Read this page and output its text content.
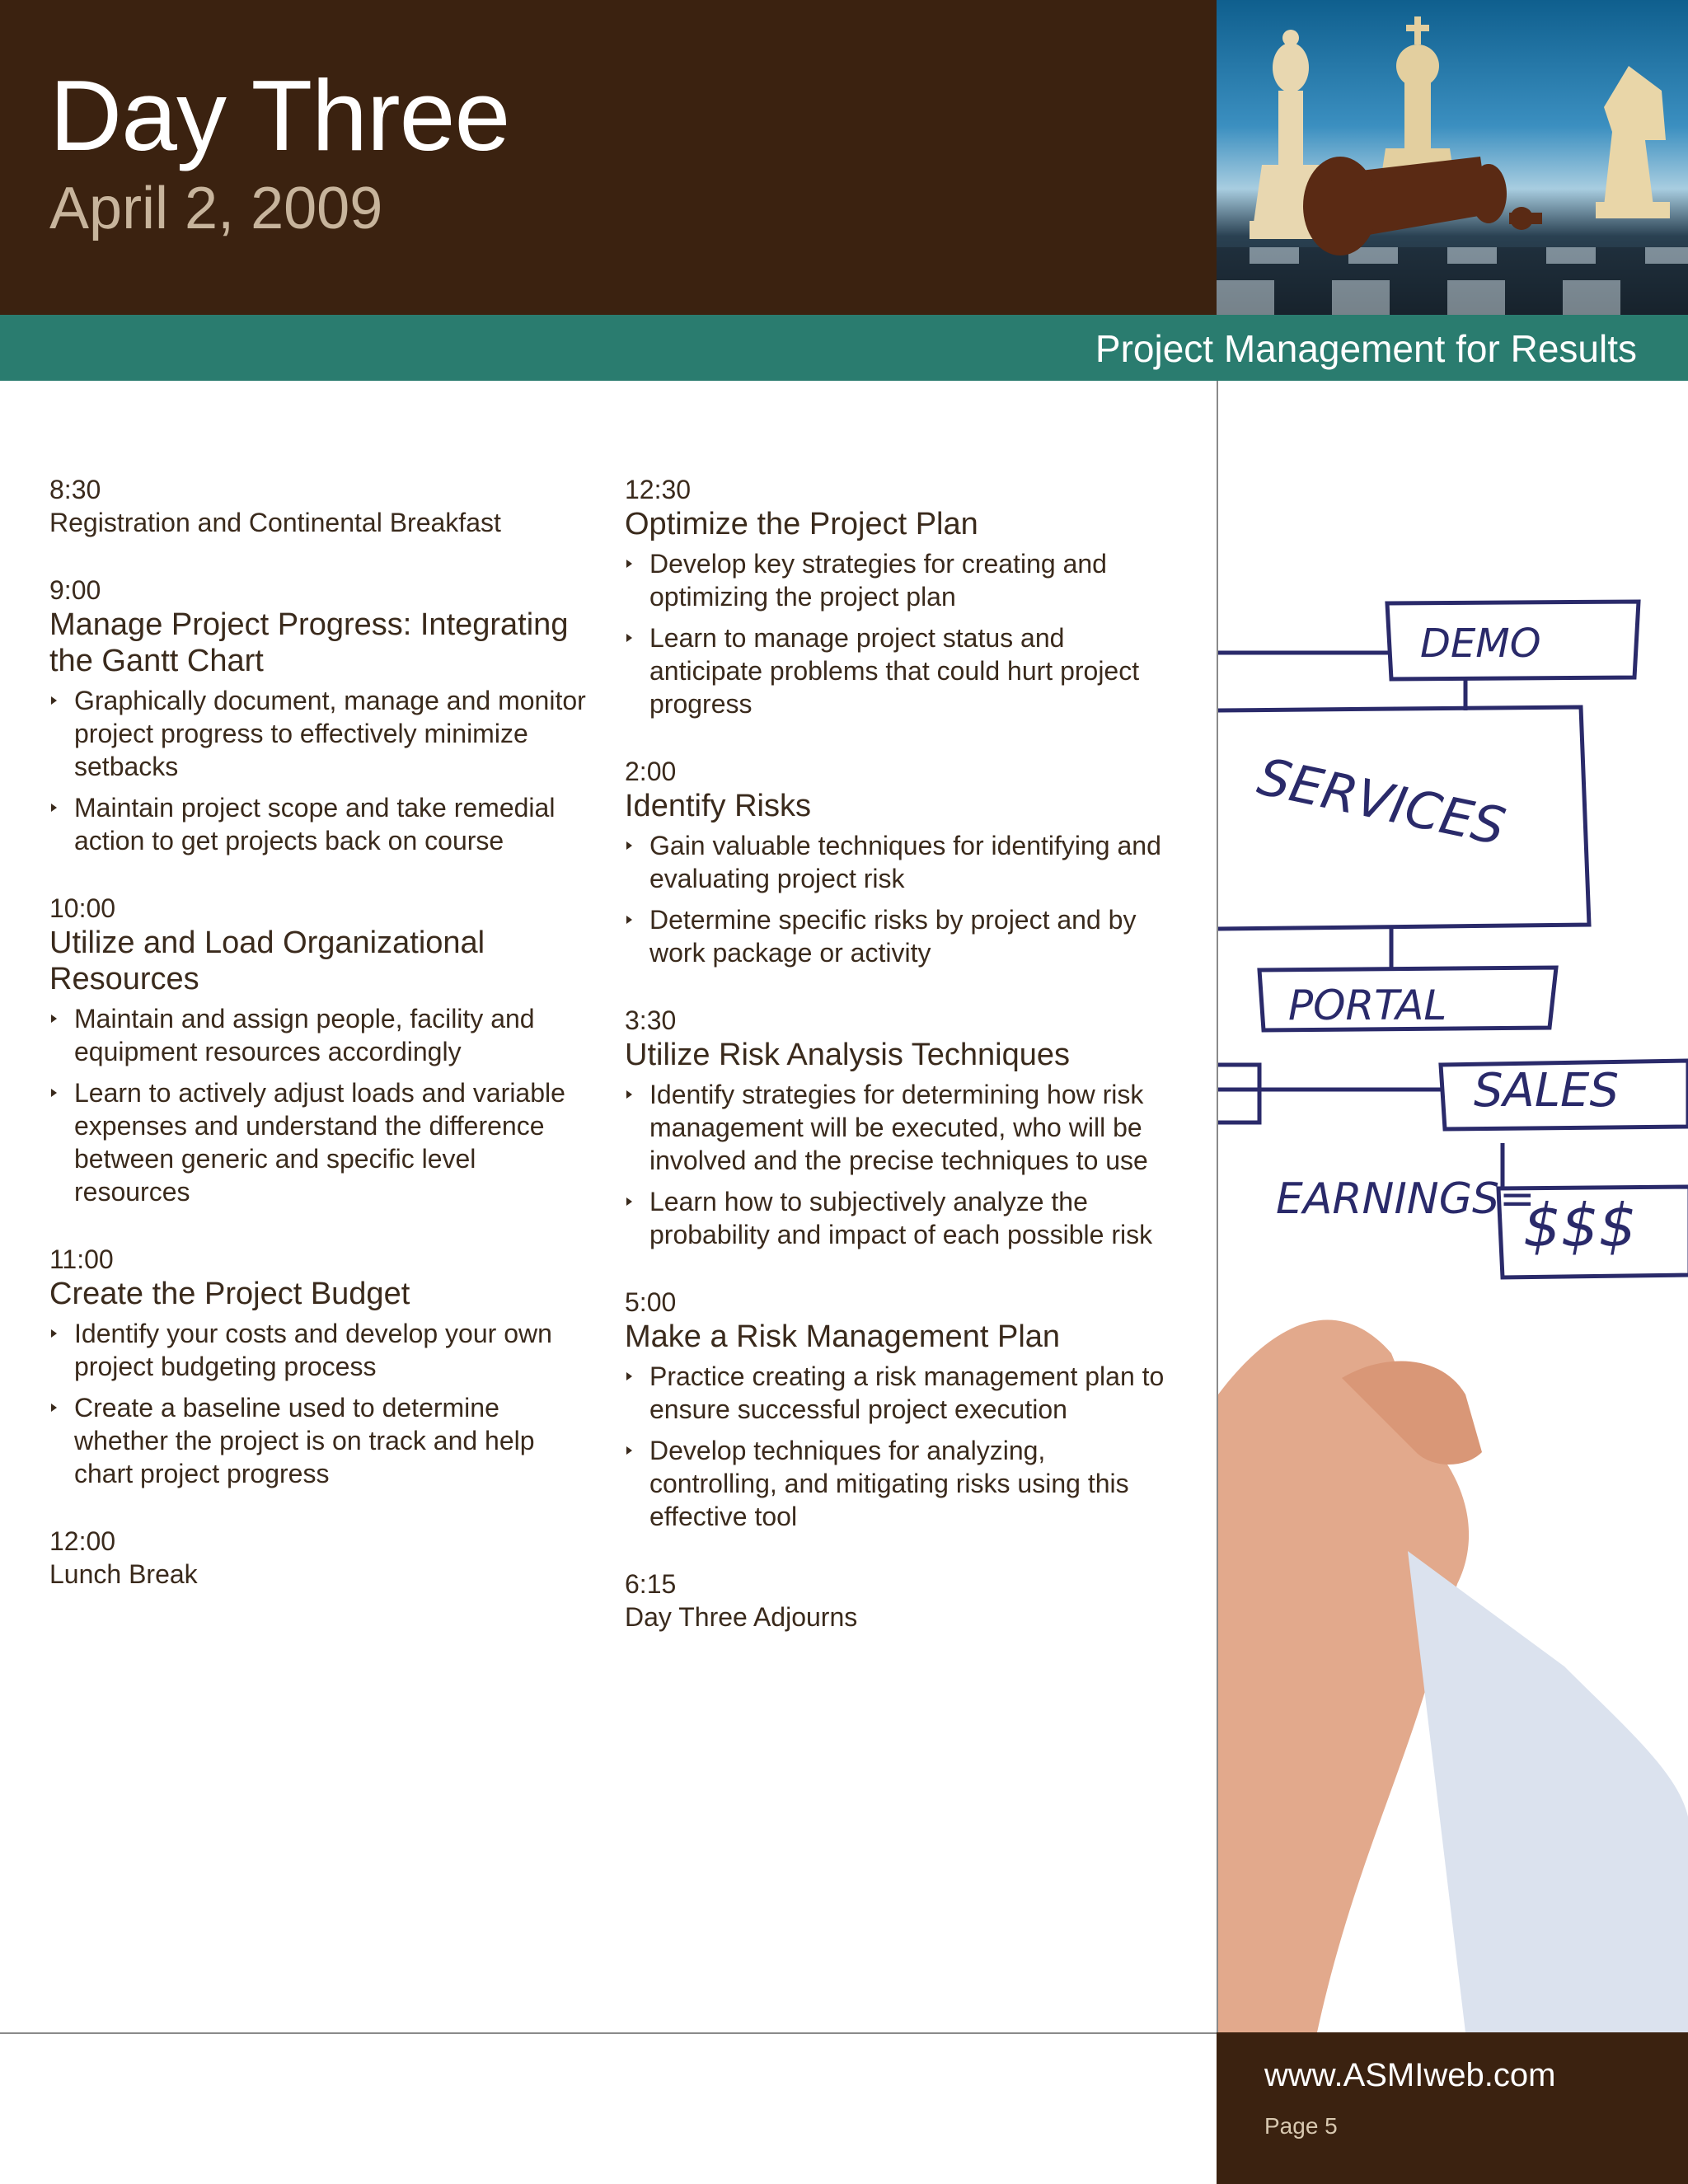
Day Three
April 2, 2009
Project Management for Results
DEMO
SERVICES
PORTAL
SALES
EARNINGS=
$$$
www.ASMIweb.com
Page 5
8:30
Registration and Continental Breakfast
9:00
Manage Project Progress: Integrating the Gantt Chart
Graphically document, manage and monitor project progress to effectively minimize setbacks
Maintain project scope and take remedial action to get projects back on course
10:00
Utilize and Load Organizational Resources
Maintain and assign people, facility and equipment resources accordingly
Learn to actively adjust loads and variable expenses and understand the difference between generic and specific level resources
11:00
Create the Project Budget
Identify your costs and develop your own project budgeting process
Create a baseline used to determine whether the project is on track and help chart project progress
12:00
Lunch Break
12:30
Optimize the Project Plan
Develop key strategies for creating and optimizing the project plan
Learn to manage project status and anticipate problems that could hurt project progress
2:00
Identify Risks
Gain valuable techniques for identifying and evaluating project risk
Determine specific risks by project and by work package or activity
3:30
Utilize Risk Analysis Techniques
Identify strategies for determining how risk management will be executed, who will be involved and the precise techniques to use
Learn how to subjectively analyze the probability and impact of each possible risk
5:00
Make a Risk Management Plan
Practice creating a risk management plan to ensure successful project execution
Develop techniques for analyzing, controlling, and mitigating risks using this effective tool
6:15
Day Three Adjourns
